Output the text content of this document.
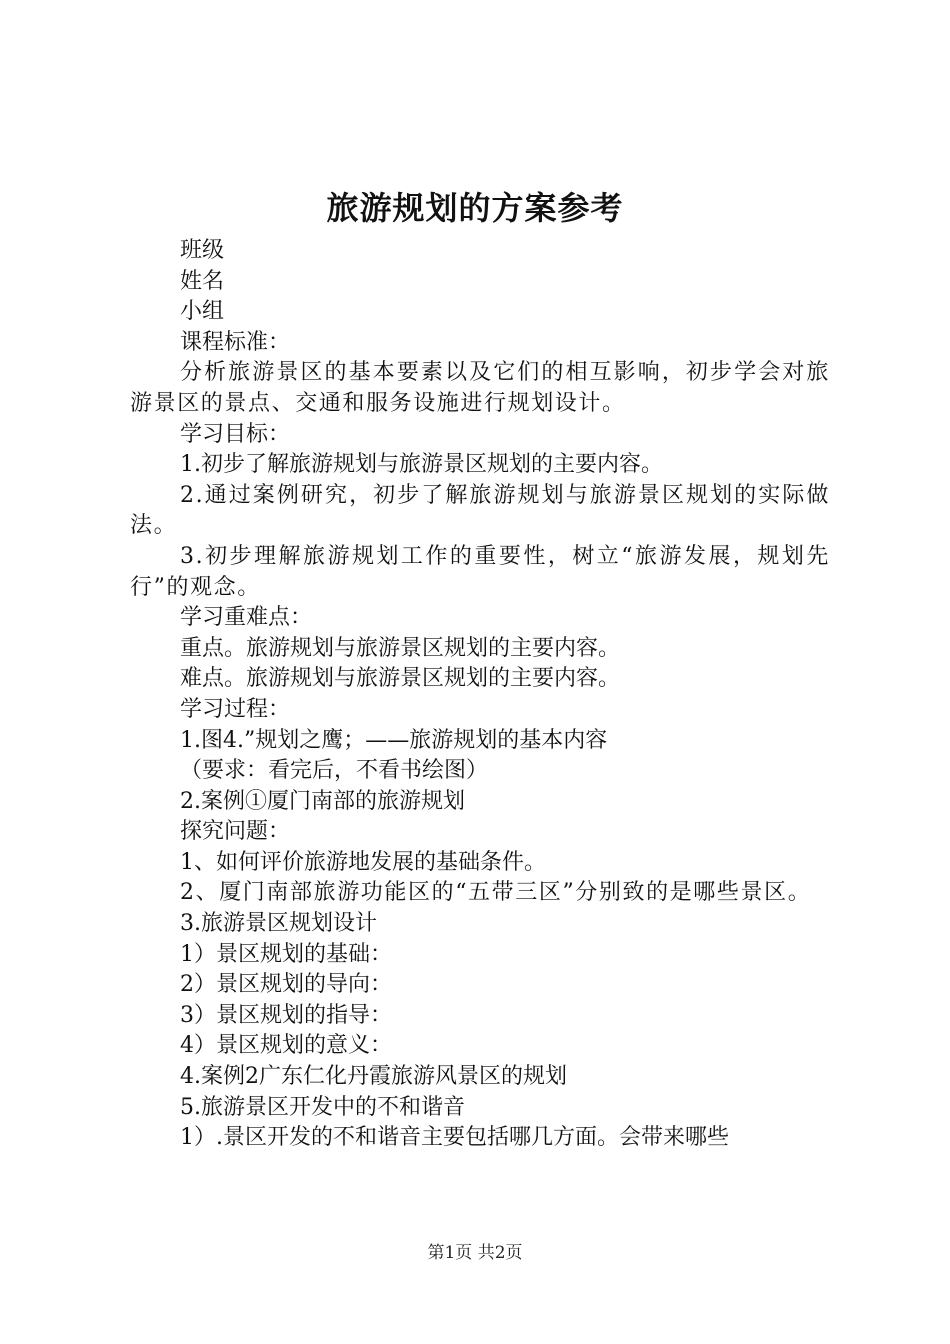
旅游规划的方案参考

班级

姓名

小组

课程标准：

分析旅游景区的基本要素以及它们的相互影响，初步学会对旅游景区的景点、交通和服务设施进行规划设计。

学习目标：

1.初步了解旅游规划与旅游景区规划的主要内容。

2.通过案例研究，初步了解旅游规划与旅游景区规划的实际做法。

3.初步理解旅游规划工作的重要性，树立“旅游发展，规划先行”的观念。

学习重难点：

重点。旅游规划与旅游景区规划的主要内容。

难点。旅游规划与旅游景区规划的主要内容。

学习过程：

1.图4.”规划之鹰；——旅游规划的基本内容

（要求：看完后，不看书绘图）

2.案例①厦门南部的旅游规划

探究问题：

1、如何评价旅游地发展的基础条件。

2、厦门南部旅游功能区的“五带三区”分别致的是哪些景区。

3.旅游景区规划设计

1）景区规划的基础：

2）景区规划的导向：

3）景区规划的指导：

4）景区规划的意义：

4.案例2广东仁化丹霞旅游风景区的规划

5.旅游景区开发中的不和谐音

1）.景区开发的不和谐音主要包括哪几方面。会带来哪些

第1页 共2页
